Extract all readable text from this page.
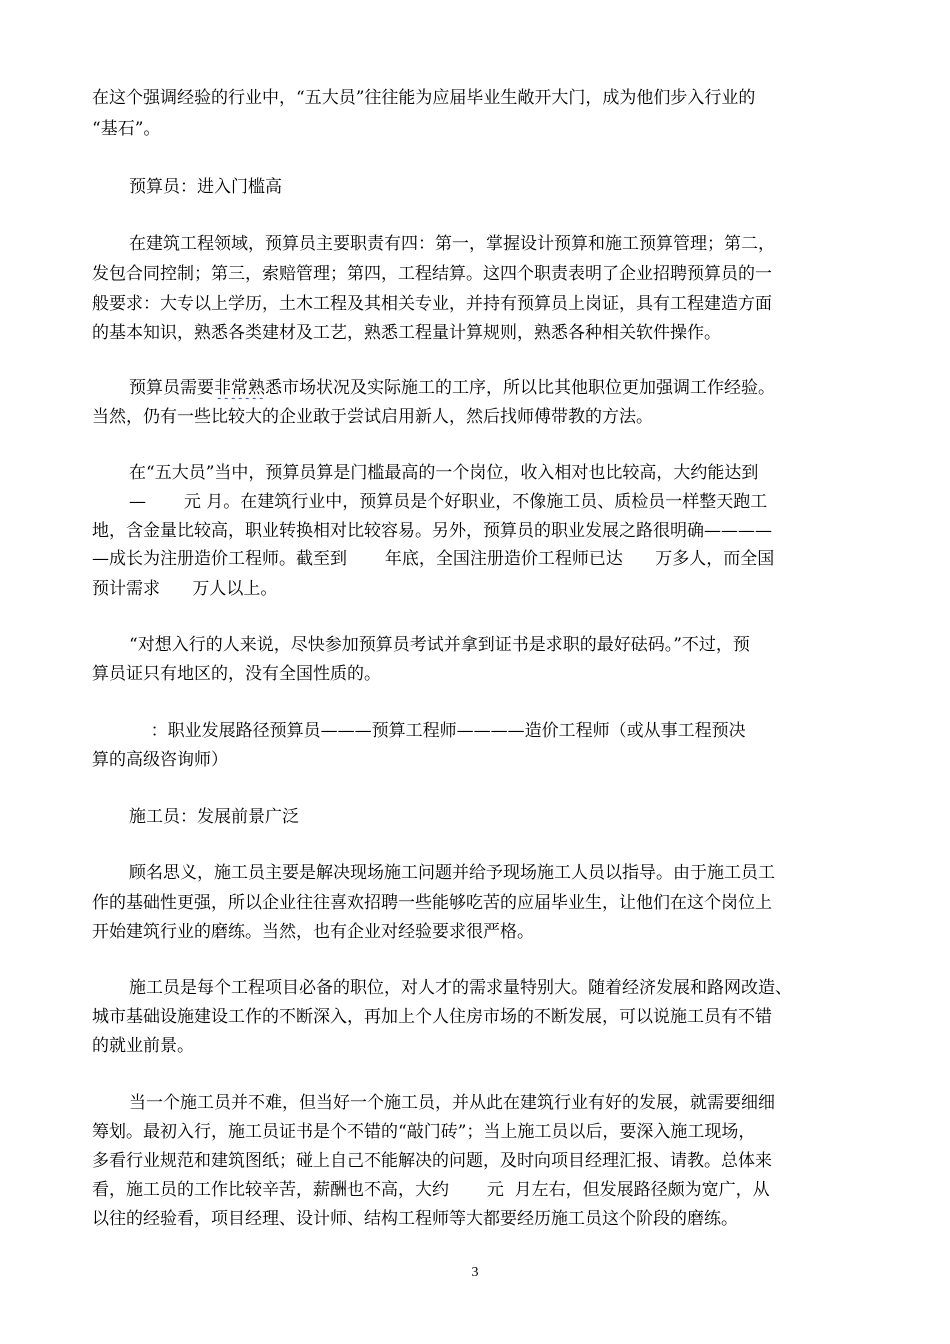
在这个强调经验的行业中，“五大员”往往能为应届毕业生敞开大门，成为他们步入行业的
“基石”。
预算员：进入门槛高
在建筑工程领域，预算员主要职责有四：第一，掌握设计预算和施工预算管理；第二，
发包合同控制；第三，索赔管理；第四，工程结算。这四个职责表明了企业招聘预算员的一
般要求：大专以上学历，土木工程及其相关专业，并持有预算员上岗证，具有工程建造方面
的基本知识，熟悉各类建材及工艺，熟悉工程量计算规则，熟悉各种相关软件操作。
预算员需要非常熟悉市场状况及实际施工的工序，所以比其他职位更加强调工作经验。
当然，仍有一些比较大的企业敢于尝试启用新人，然后找师傅带教的方法。
在“五大员”当中，预算员算是门槛最高的一个岗位，收入相对也比较高，大约能达到
—       元 月。在建筑行业中，预算员是个好职业，不像施工员、质检员一样整天跑工
地，含金量比较高，职业转换相对比较容易。另外，预算员的职业发展之路很明确————
—成长为注册造价工程师。截至到       年底，全国注册造价工程师已达      万多人，而全国
预计需求      万人以上。
“对想入行的人来说，尽快参加预算员考试并拿到证书是求职的最好砝码。”不过，预
算员证只有地区的，没有全国性质的。
：职业发展路径预算员———预算工程师————造价工程师（或从事工程预决
算的高级咨询师）
施工员：发展前景广泛
顾名思义，施工员主要是解决现场施工问题并给予现场施工人员以指导。由于施工员工
作的基础性更强，所以企业往往喜欢招聘一些能够吃苦的应届毕业生，让他们在这个岗位上
开始建筑行业的磨练。当然，也有企业对经验要求很严格。
施工员是每个工程项目必备的职位，对人才的需求量特别大。随着经济发展和路网改造、
城市基础设施建设工作的不断深入，再加上个人住房市场的不断发展，可以说施工员有不错
的就业前景。
当一个施工员并不难，但当好一个施工员，并从此在建筑行业有好的发展，就需要细细
筹划。最初入行，施工员证书是个不错的“敲门砖”；当上施工员以后，要深入施工现场，
多看行业规范和建筑图纸；碰上自己不能解决的问题，及时向项目经理汇报、请教。总体来
看，施工员的工作比较辛苦，薪酬也不高，大约       元  月左右，但发展路径颇为宽广，从
以往的经验看，项目经理、设计师、结构工程师等大都要经历施工员这个阶段的磨练。
3
